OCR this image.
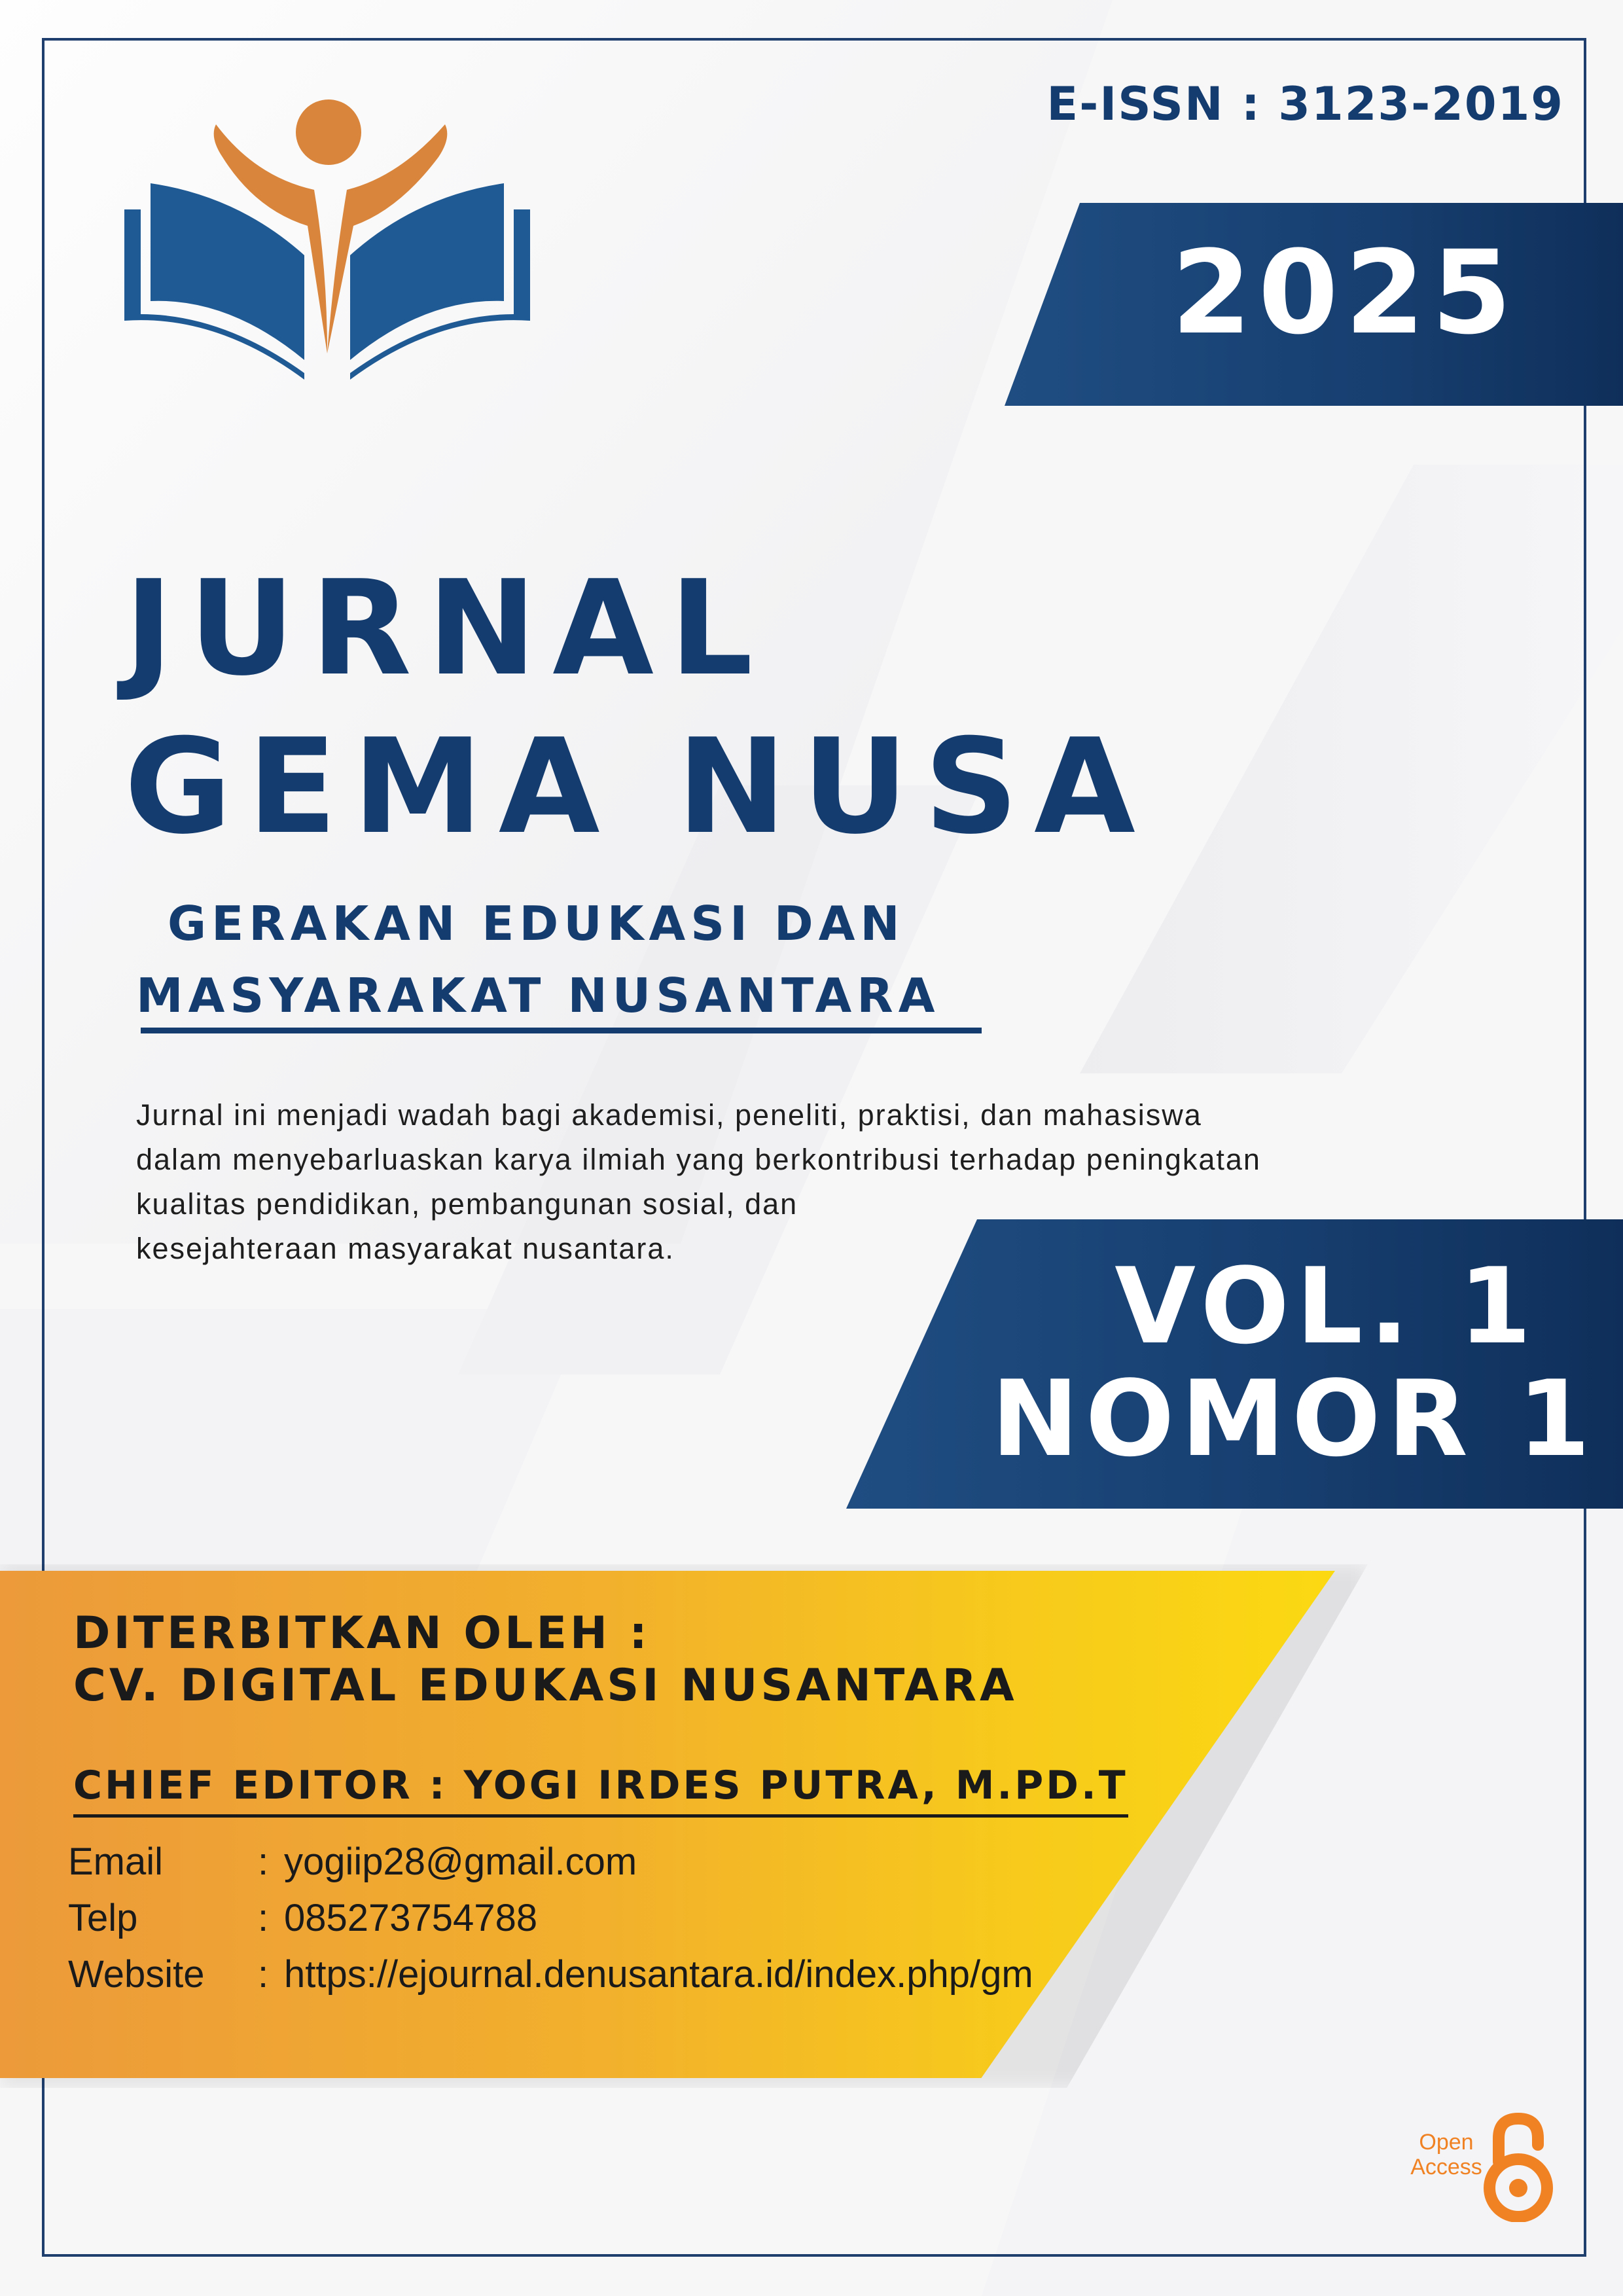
E-ISSN : 3123-2019
2025
JURNAL
GEMA NUSA
GERAKAN EDUKASI DAN
MASYARAKAT NUSANTARA
Jurnal ini menjadi wadah bagi akademisi, peneliti, praktisi, dan mahasiswa
dalam menyebarluaskan karya ilmiah yang berkontribusi terhadap peningkatan
kualitas pendidikan, pembangunan sosial, dan
kesejahteraan masyarakat nusantara.	VOL. 1
NOMOR 1
DITERBITKAN OLEH :
CV. DIGITAL EDUKASI NUSANTARA
CHIEF EDITOR : YOGI IRDES PUTRA, M.PD.T
Email	: yogiip28@gmail.com
Telp	: 085273754788
Website	: https://ejournal.denusantara.id/index.php/gm
Open
Access
